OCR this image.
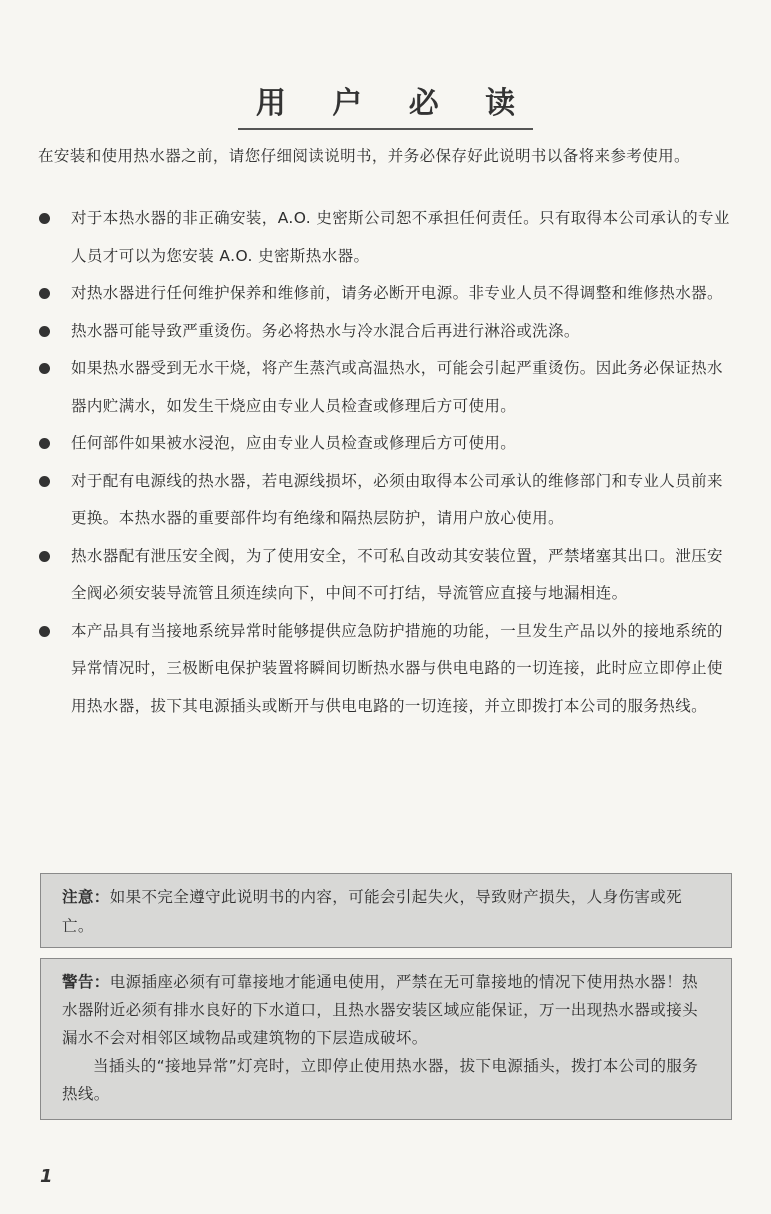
用 户 必 读
在安装和使用热水器之前，请您仔细阅读说明书，并务必保存好此说明书以备将来参考使用。
对于本热水器的非正确安装，A.O. 史密斯公司恕不承担任何责任。只有取得本公司承认的专业人员才可以为您安装 A.O. 史密斯热水器。
对热水器进行任何维护保养和维修前，请务必断开电源。非专业人员不得调整和维修热水器。
热水器可能导致严重烫伤。务必将热水与冷水混合后再进行淋浴或洗涤。
如果热水器受到无水干烧，将产生蒸汽或高温热水，可能会引起严重烫伤。因此务必保证热水器内贮满水，如发生干烧应由专业人员检查或修理后方可使用。
任何部件如果被水浸泡，应由专业人员检查或修理后方可使用。
对于配有电源线的热水器，若电源线损坏，必须由取得本公司承认的维修部门和专业人员前来更换。本热水器的重要部件均有绝缘和隔热层防护，请用户放心使用。
热水器配有泄压安全阀，为了使用安全，不可私自改动其安装位置，严禁堵塞其出口。泄压安全阀必须安装导流管且须连续向下，中间不可打结，导流管应直接与地漏相连。
本产品具有当接地系统异常时能够提供应急防护措施的功能，一旦发生产品以外的接地系统的异常情况时，三极断电保护装置将瞬间切断热水器与供电电路的一切连接，此时应立即停止使用热水器，拔下其电源插头或断开与供电电路的一切连接，并立即拨打本公司的服务热线。
注意：如果不完全遵守此说明书的内容，可能会引起失火，导致财产损失，人身伤害或死亡。
警告：电源插座必须有可靠接地才能通电使用，严禁在无可靠接地的情况下使用热水器！热水器附近必须有排水良好的下水道口，且热水器安装区域应能保证，万一出现热水器或接头漏水不会对相邻区域物品或建筑物的下层造成破坏。
当插头的“接地异常”灯亮时，立即停止使用热水器，拔下电源插头，拨打本公司的服务热线。
1
